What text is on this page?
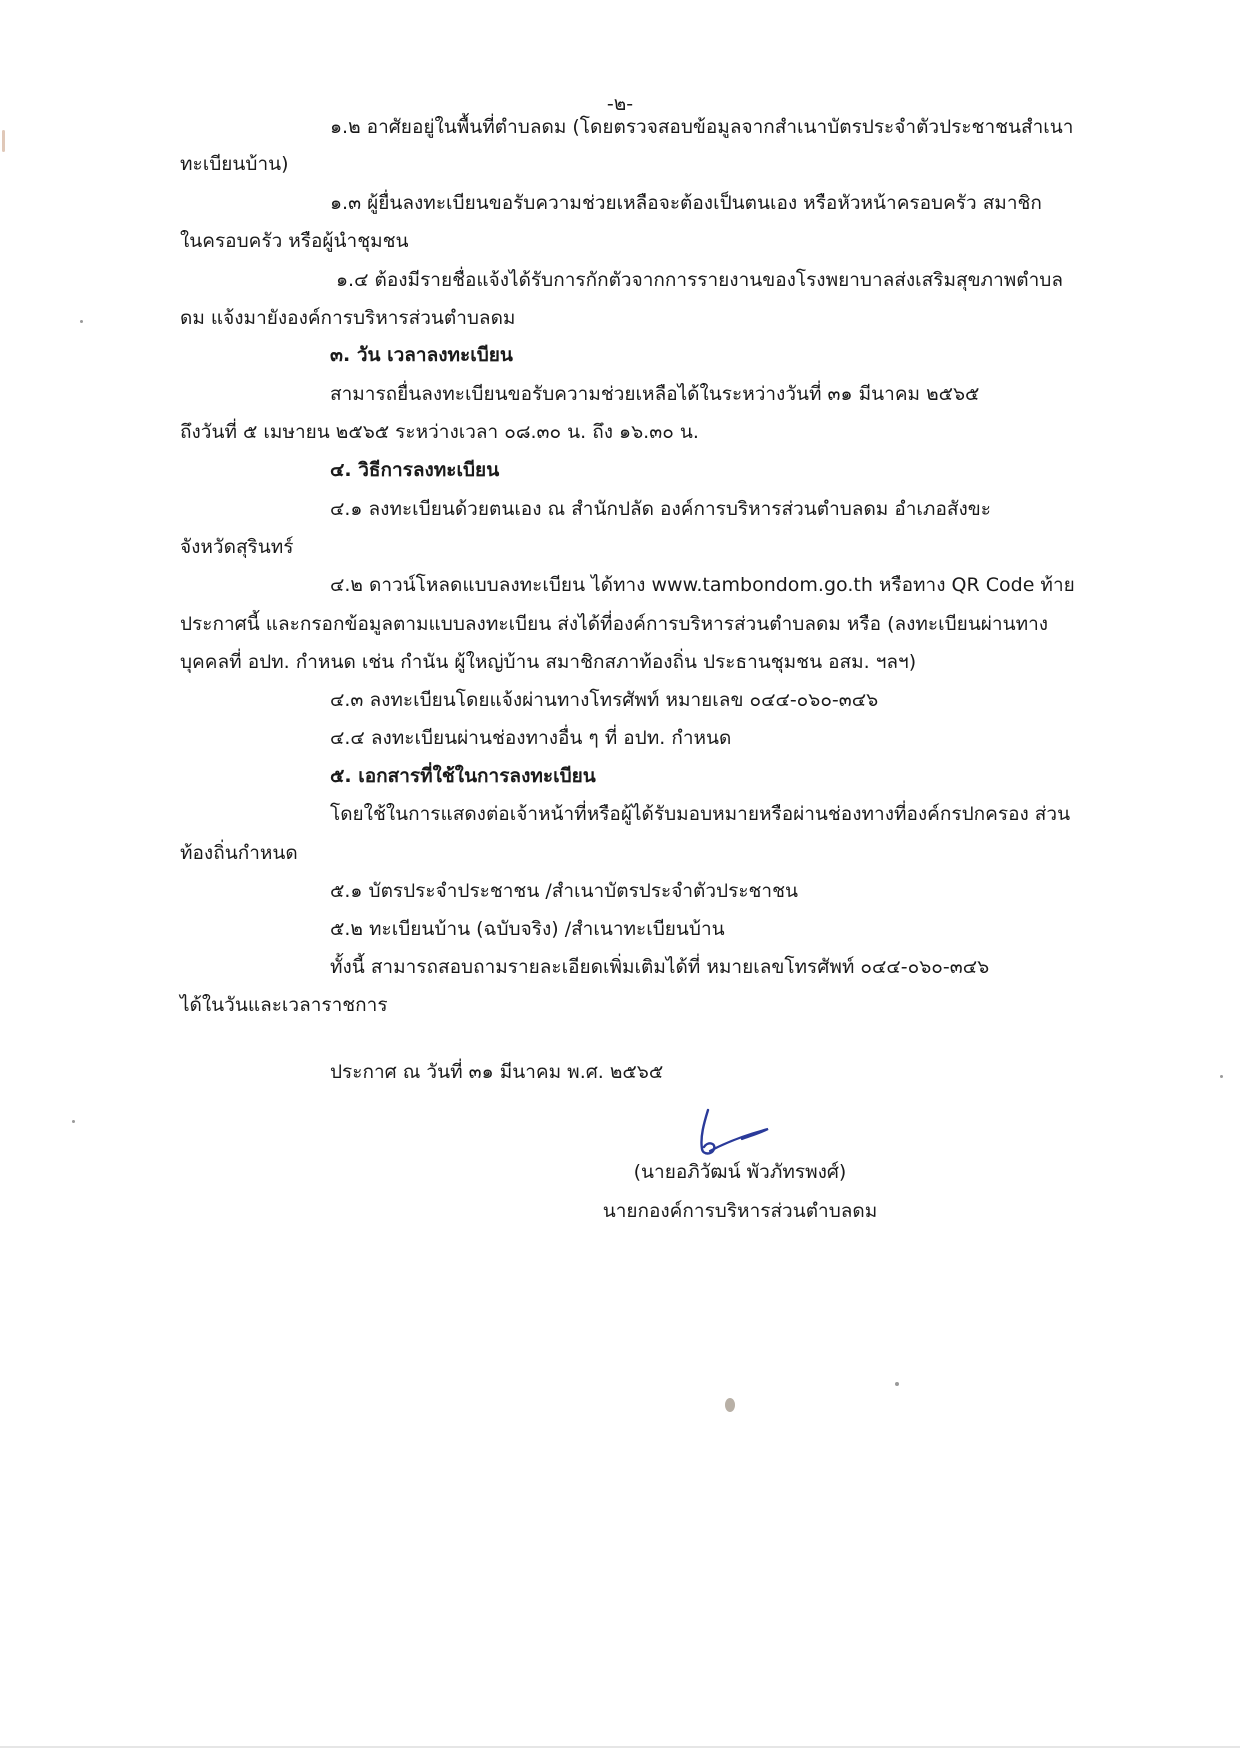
-๒-
๑.๒ อาศัยอยู่ในพื้นที่ตำบลดม (โดยตรวจสอบข้อมูลจากสำเนาบัตรประจำตัวประชาชนสำเนา
ทะเบียนบ้าน)
๑.๓ ผู้ยื่นลงทะเบียนขอรับความช่วยเหลือจะต้องเป็นตนเอง หรือหัวหน้าครอบครัว สมาชิก
ในครอบครัว หรือผู้นำชุมชน
๑.๔ ต้องมีรายชื่อแจ้งได้รับการกักตัวจากการรายงานของโรงพยาบาลส่งเสริมสุขภาพตำบล
ดม แจ้งมายังองค์การบริหารส่วนตำบลดม
๓. วัน เวลาลงทะเบียน
สามารถยื่นลงทะเบียนขอรับความช่วยเหลือได้ในระหว่างวันที่ ๓๑ มีนาคม ๒๕๖๕
ถึงวันที่ ๕ เมษายน ๒๕๖๕ ระหว่างเวลา ๐๘.๓๐ น. ถึง ๑๖.๓๐ น.
๔. วิธีการลงทะเบียน
๔.๑ ลงทะเบียนด้วยตนเอง ณ สำนักปลัด องค์การบริหารส่วนตำบลดม อำเภอสังขะ
จังหวัดสุรินทร์
๔.๒ ดาวน์โหลดแบบลงทะเบียน ได้ทาง www.tambondom.go.th หรือทาง QR Code ท้าย
ประกาศนี้ และกรอกข้อมูลตามแบบลงทะเบียน ส่งได้ที่องค์การบริหารส่วนตำบลดม หรือ (ลงทะเบียนผ่านทาง
บุคคลที่ อปท. กำหนด เช่น กำนัน ผู้ใหญ่บ้าน สมาชิกสภาท้องถิ่น ประธานชุมชน อสม. ฯลฯ)
๔.๓ ลงทะเบียนโดยแจ้งผ่านทางโทรศัพท์ หมายเลข ๐๔๔-๐๖๐-๓๔๖
๔.๔ ลงทะเบียนผ่านช่องทางอื่น ๆ ที่ อปท. กำหนด
๕. เอกสารที่ใช้ในการลงทะเบียน
โดยใช้ในการแสดงต่อเจ้าหน้าที่หรือผู้ได้รับมอบหมายหรือผ่านช่องทางที่องค์กรปกครอง ส่วน
ท้องถิ่นกำหนด
๕.๑ บัตรประจำประชาชน /สำเนาบัตรประจำตัวประชาชน
๕.๒ ทะเบียนบ้าน (ฉบับจริง) /สำเนาทะเบียนบ้าน
ทั้งนี้ สามารถสอบถามรายละเอียดเพิ่มเติมได้ที่ หมายเลขโทรศัพท์ ๐๔๔-๐๖๐-๓๔๖
ได้ในวันและเวลาราชการ
ประกาศ ณ วันที่ ๓๑ มีนาคม พ.ศ. ๒๕๖๕
(นายอภิวัฒน์ พัวภัทรพงศ์)
นายกองค์การบริหารส่วนตำบลดม
